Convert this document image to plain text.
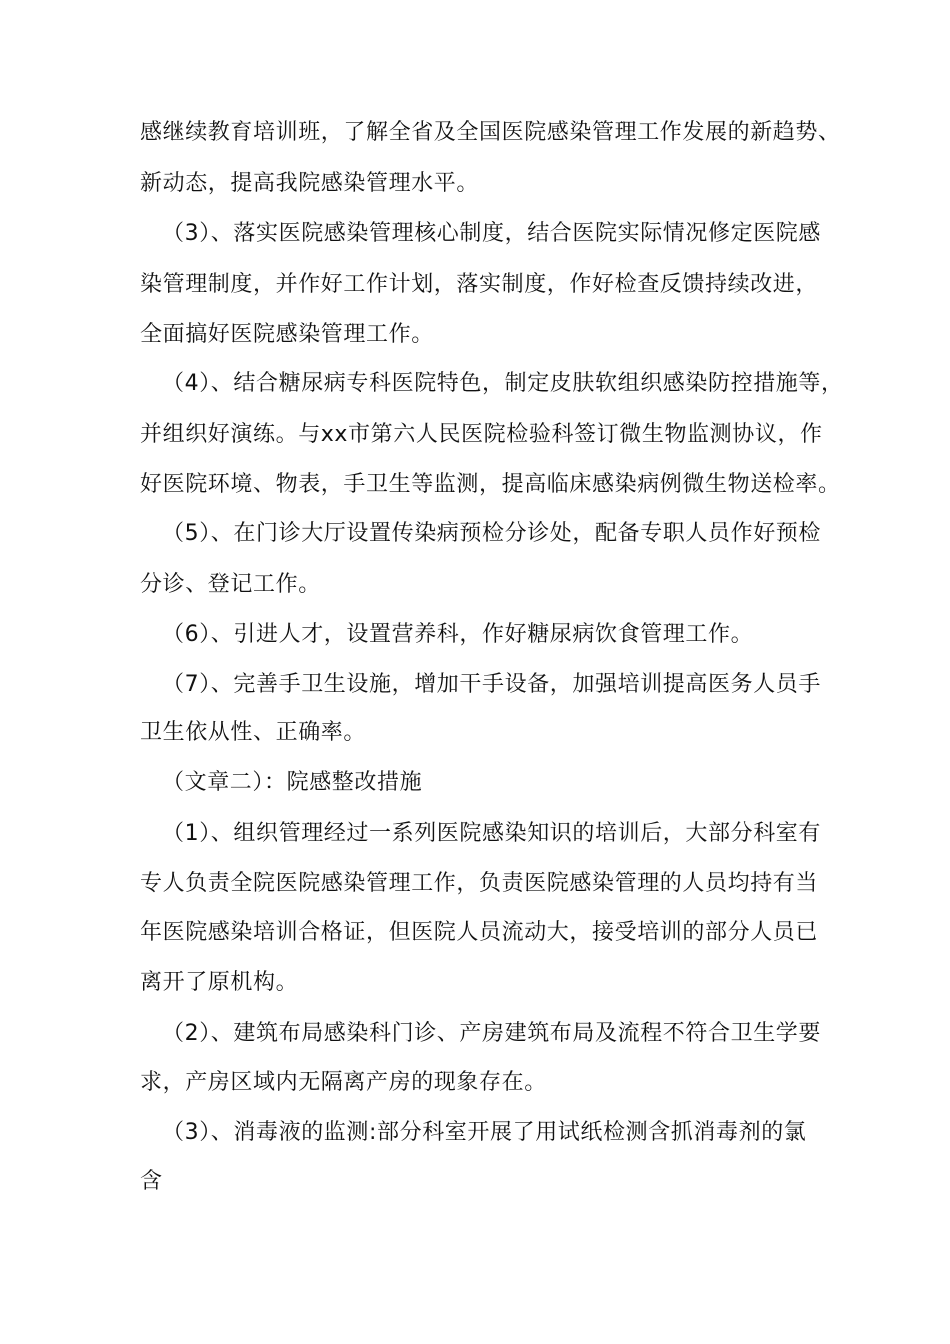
感继续教育培训班，了解全省及全国医院感染管理工作发展的新趋势、
新动态，提高我院感染管理水平。
（3）、落实医院感染管理核心制度，结合医院实际情况修定医院感
染管理制度，并作好工作计划，落实制度，作好检查反馈持续改进，
全面搞好医院感染管理工作。
（4）、结合糖尿病专科医院特色，制定皮肤软组织感染防控措施等，
并组织好演练。与xx市第六人民医院检验科签订微生物监测协议，作
好医院环境、物表，手卫生等监测，提高临床感染病例微生物送检率。
（5）、在门诊大厅设置传染病预检分诊处，配备专职人员作好预检
分诊、登记工作。
（6）、引进人才，设置营养科，作好糖尿病饮食管理工作。
（7）、完善手卫生设施，增加干手设备，加强培训提高医务人员手
卫生依从性、正确率。
（文章二）：院感整改措施
（1）、组织管理经过一系列医院感染知识的培训后，大部分科室有
专人负责全院医院感染管理工作，负责医院感染管理的人员均持有当
年医院感染培训合格证，但医院人员流动大，接受培训的部分人员已
离开了原机构。
（2）、建筑布局感染科门诊、产房建筑布局及流程不符合卫生学要
求，产房区域内无隔离产房的现象存在。
（3）、消毒液的监测:部分科室开展了用试纸检测含抓消毒剂的氯
含
